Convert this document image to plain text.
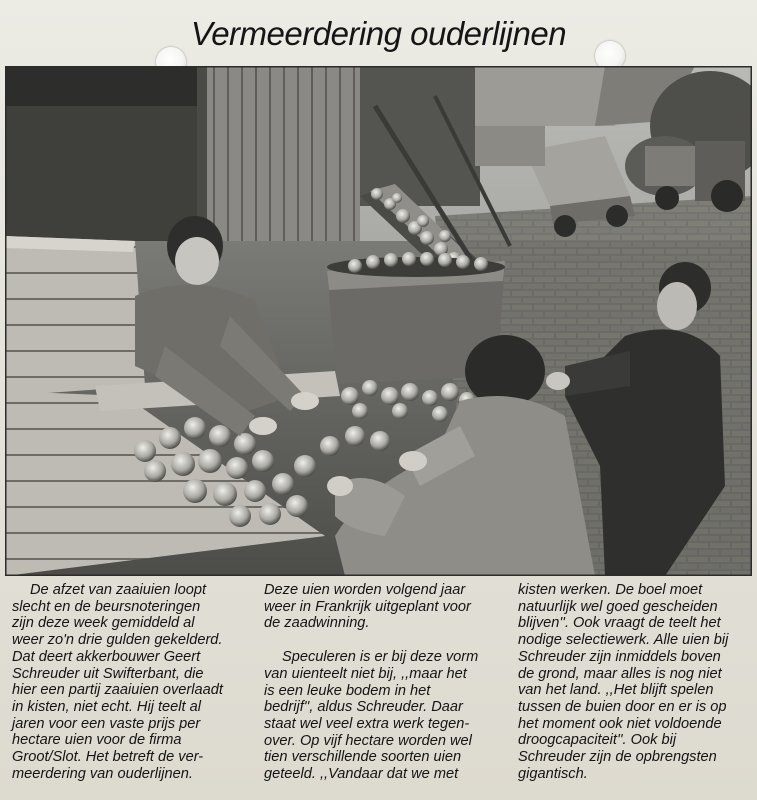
Vermeerdering ouderlijnen
De afzet van zaaiuien loopt
slecht en de beursnoteringen
zijn deze week gemiddeld al
weer zo'n drie gulden gekelderd.
Dat deert akkerbouwer Geert
Schreuder uit Swifterbant, die
hier een partij zaaiuien overlaadt
in kisten, niet echt. Hij teelt al
jaren voor een vaste prijs per
hectare uien voor de firma
Groot/Slot. Het betreft de ver-
meerdering van ouderlijnen.
Deze uien worden volgend jaar
weer in Frankrijk uitgeplant voor
de zaadwinning.
Speculeren is er bij deze vorm
van uienteelt niet bij, ,,maar het
is een leuke bodem in het
bedrijf'', aldus Schreuder. Daar
staat wel veel extra werk tegen-
over. Op vijf hectare worden wel
tien verschillende soorten uien
geteeld. ,,Vandaar dat we met
kisten werken. De boel moet
natuurlijk wel goed gescheiden
blijven''. Ook vraagt de teelt het
nodige selectiewerk. Alle uien bij
Schreuder zijn inmiddels boven
de grond, maar alles is nog niet
van het land. ,,Het blijft spelen
tussen de buien door en er is op
het moment ook niet voldoende
droogcapaciteit''. Ook bij
Schreuder zijn de opbrengsten
gigantisch.
